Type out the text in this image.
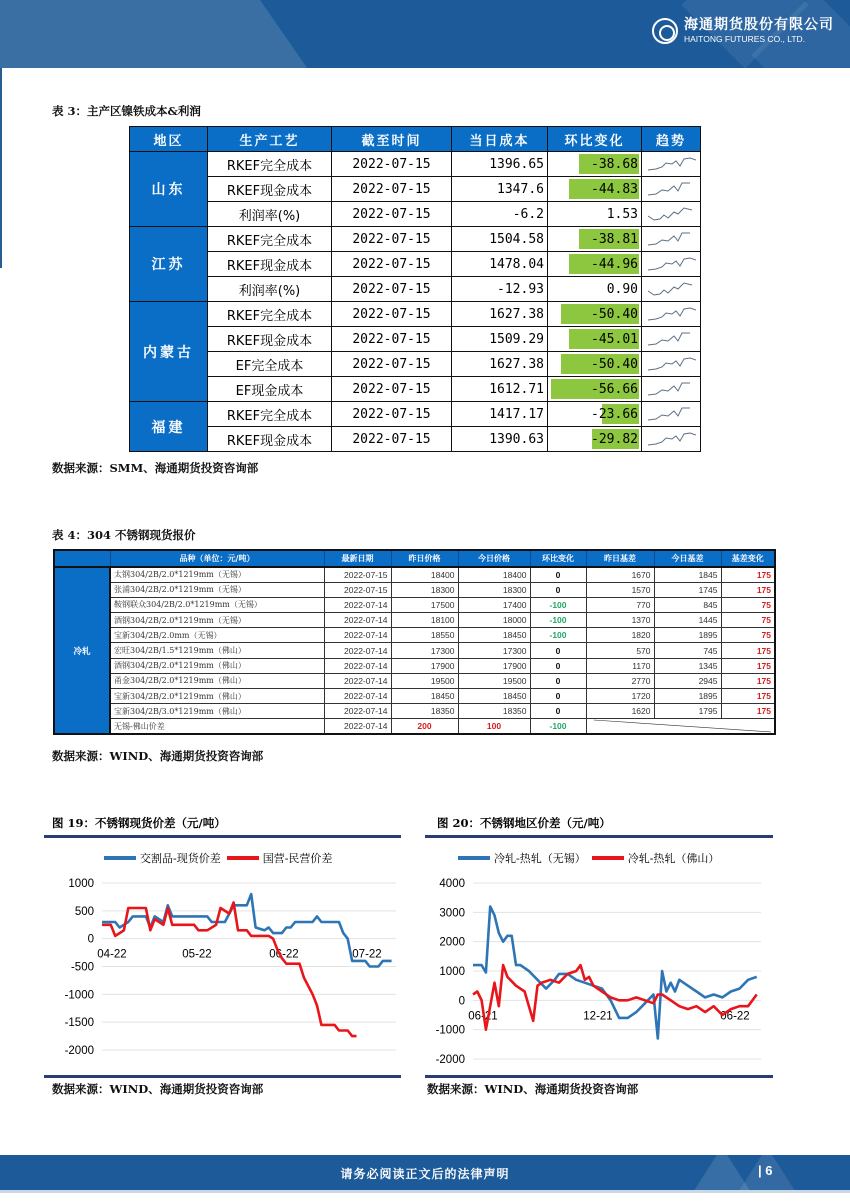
海通期货股份有限公司
HAITONG FUTURES CO., LTD.
表 3：主产区镍铁成本&利润
地区	生产工艺	截至时间	当日成本	环比变化	趋势
山东	RKEF完全成本	2022-07-15	1396.65	-38.68	

	RKEF现金成本	2022-07-15	1347.6	-44.83	

	利润率(%)	2022-07-15	-6.2	1.53	

江苏	RKEF完全成本	2022-07-15	1504.58	-38.81	

	RKEF现金成本	2022-07-15	1478.04	-44.96	

	利润率(%)	2022-07-15	-12.93	0.90	

内蒙古	RKEF完全成本	2022-07-15	1627.38	-50.40	

	RKEF现金成本	2022-07-15	1509.29	-45.01	

	EF完全成本	2022-07-15	1627.38	-50.40	

	EF现金成本	2022-07-15	1612.71	-56.66	

福建	RKEF完全成本	2022-07-15	1417.17	-23.66	

	RKEF现金成本	2022-07-15	1390.63	-29.82	
数据来源：SMM、海通期货投资咨询部
表 4：304 不锈钢现货报价
	品种（单位：元/吨）	最新日期	昨日价格	今日价格	环比变化	昨日基差	今日基差	基差变化
冷轧	太钢304/2B/2.0*1219mm（无锡）	2022-07-15	18400	18400	0	1670	1845	175
	张浦304/2B/2.0*1219mm（无锡）	2022-07-15	18300	18300	0	1570	1745	175
	鞍钢联众304/2B/2.0*1219mm（无锡）	2022-07-14	17500	17400	-100	770	845	75
	酒钢304/2B/2.0*1219mm（无锡）	2022-07-14	18100	18000	-100	1370	1445	75
	宝新304/2B/2.0mm（无锡）	2022-07-14	18550	18450	-100	1820	1895	75
	宏旺304/2B/1.5*1219mm（佛山）	2022-07-14	17300	17300	0	570	745	175
	酒钢304/2B/2.0*1219mm（佛山）	2022-07-14	17900	17900	0	1170	1345	175
	甬金304/2B/2.0*1219mm（佛山）	2022-07-14	19500	19500	0	2770	2945	175
	宝新304/2B/2.0*1219mm（佛山）	2022-07-14	18450	18450	0	1720	1895	175
	宝新304/2B/3.0*1219mm（佛山）	2022-07-14	18350	18350	0	1620	1795	175
	无锡-佛山价差	2022-07-14	200	100	-100	
数据来源：WIND、海通期货投资咨询部
图 19：不锈钢现货价差（元/吨）
交割品-现货价差	国营-民营价差
1000
500
0
-500
-1000
-1500
-2000
04-22	05-22	06-22	07-22
数据来源：WIND、海通期货投资咨询部
图 20：不锈钢地区价差（元/吨）
冷轧-热轧（无锡）	冷轧-热轧（佛山）
4000
3000
2000
1000
0
-1000
-2000
06-21	12-21	06-22
数据来源：WIND、海通期货投资咨询部
请务必阅读正文后的法律声明	| 6
